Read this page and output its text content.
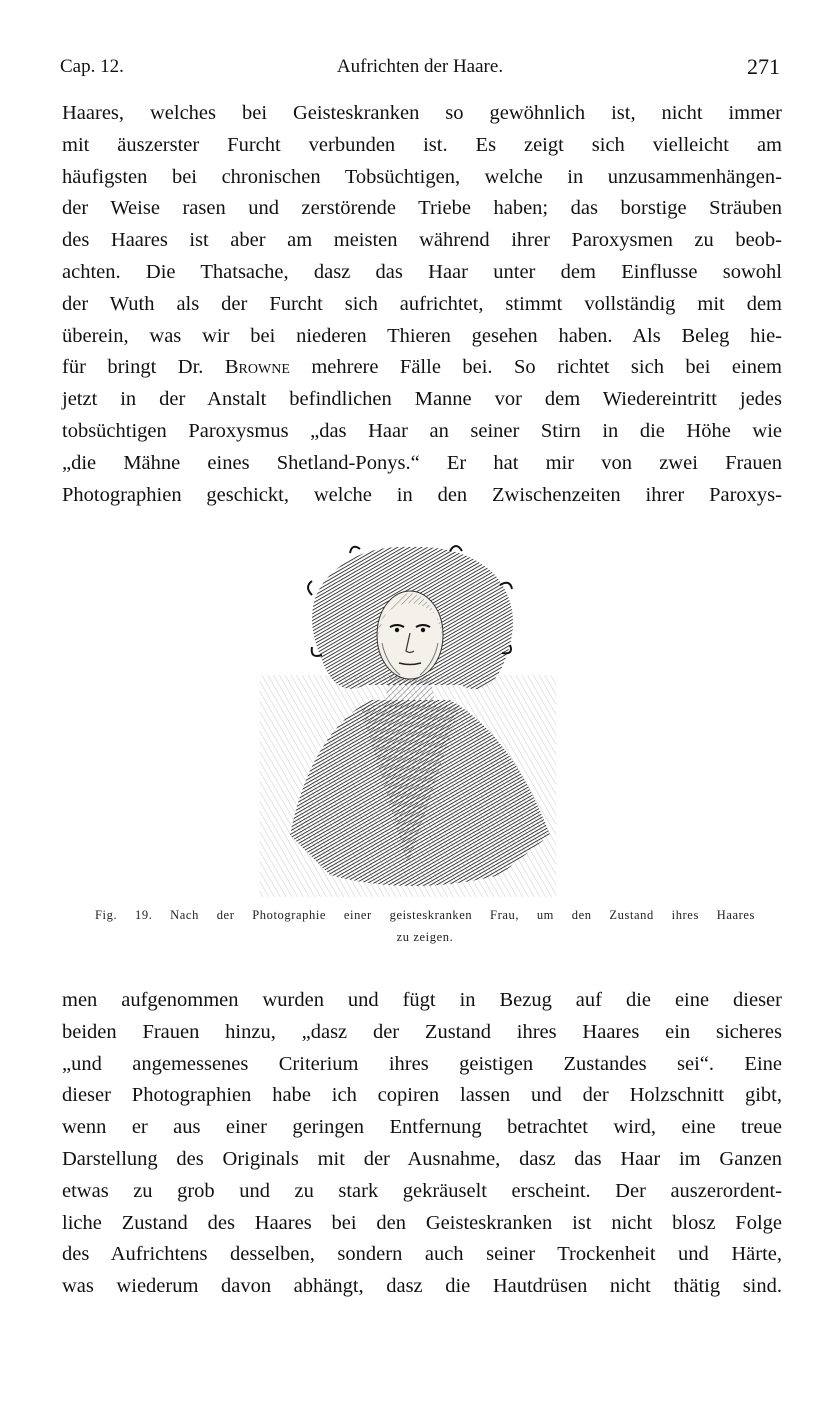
Cap. 12.	Aufrichten der Haare.	271
Haares, welches bei Geisteskranken so gewöhnlich ist, nicht immer
mit äuszerster Furcht verbunden ist. Es zeigt sich vielleicht am
häufigsten bei chronischen Tobsüchtigen, welche in unzusammenhängen-
der Weise rasen und zerstörende Triebe haben; das borstige Sträuben
des Haares ist aber am meisten während ihrer Paroxysmen zu beob-
achten. Die Thatsache, dasz das Haar unter dem Einflusse sowohl
der Wuth als der Furcht sich aufrichtet, stimmt vollständig mit dem
überein, was wir bei niederen Thieren gesehen haben. Als Beleg hie-
für bringt Dr. Browne mehrere Fälle bei. So richtet sich bei einem
jetzt in der Anstalt befindlichen Manne vor dem Wiedereintritt jedes
tobsüchtigen Paroxysmus „das Haar an seiner Stirn in die Höhe wie
„die Mähne eines Shetland-Ponys.“ Er hat mir von zwei Frauen
Photographien geschickt, welche in den Zwischenzeiten ihrer Paroxys-
Fig. 19. Nach der Photographie einer geisteskranken Frau, um den Zustand ihres Haares
zu zeigen.
men aufgenommen wurden und fügt in Bezug auf die eine dieser
beiden Frauen hinzu, „dasz der Zustand ihres Haares ein sicheres
„und angemessenes Criterium ihres geistigen Zustandes sei“. Eine
dieser Photographien habe ich copiren lassen und der Holzschnitt gibt,
wenn er aus einer geringen Entfernung betrachtet wird, eine treue
Darstellung des Originals mit der Ausnahme, dasz das Haar im Ganzen
etwas zu grob und zu stark gekräuselt erscheint. Der auszerordent-
liche Zustand des Haares bei den Geisteskranken ist nicht blosz Folge
des Aufrichtens desselben, sondern auch seiner Trockenheit und Härte,
was wiederum davon abhängt, dasz die Hautdrüsen nicht thätig sind.
